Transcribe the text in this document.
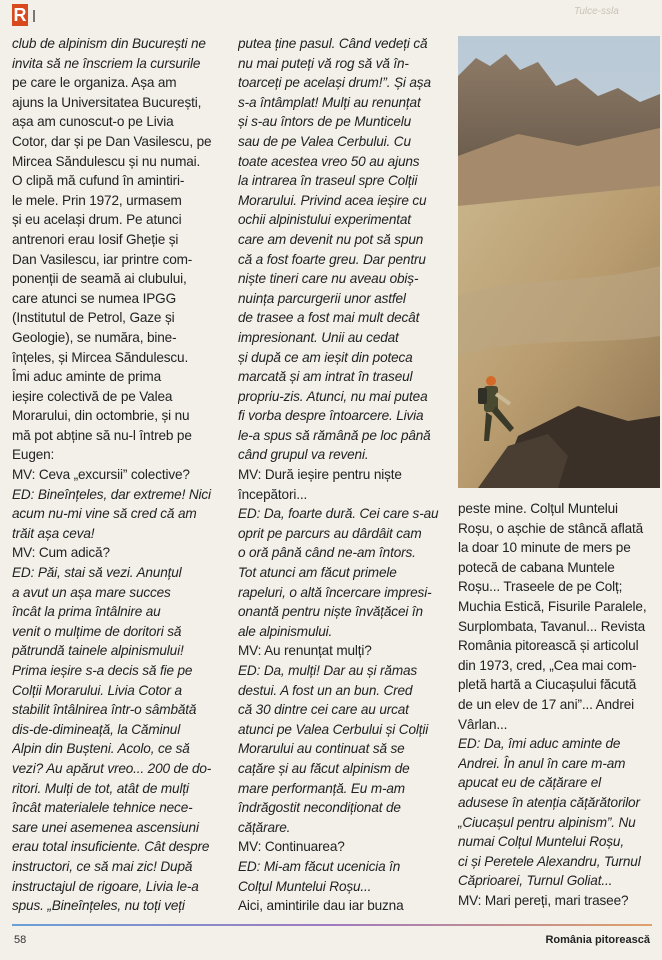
R	Tulce-ssla
club de alpinism din București ne
invita să ne înscriem la cursurile
pe care le organiza. Așa am
ajuns la Universitatea București,
așa am cunoscut-o pe Livia
Cotor, dar și pe Dan Vasilescu, pe
Mircea Săndulescu și nu numai.
O clipă mă cufund în amintiri-
le mele. Prin 1972, urmasem
și eu același drum. Pe atunci
antrenori erau Iosif Gheție și
Dan Vasilescu, iar printre com-
ponenții de seamă ai clubului,
care atunci se numea IPGG
(Institutul de Petrol, Gaze și
Geologie), se număra, bine-
înțeles, și Mircea Săndulescu.
Îmi aduc aminte de prima
ieșire colectivă de pe Valea
Morarului, din octombrie, și nu
mă pot abține să nu-l întreb pe
Eugen:
MV: Ceva „excursii” colective?
ED: Bineînțeles, dar extreme! Nici
acum nu-mi vine să cred că am
trăit așa ceva!
MV: Cum adică?
ED: Păi, stai să vezi. Anunțul
a avut un așa mare succes
încât la prima întâlnire au
venit o mulțime de doritori să
pătrundă tainele alpinismului!
Prima ieșire s-a decis să fie pe
Colții Morarului. Livia Cotor a
stabilit întâlnirea într-o sâmbătă
dis-de-dimineață, la Căminul
Alpin din Bușteni. Acolo, ce să
vezi? Au apărut vreo... 200 de do-
ritori. Mulți de tot, atât de mulți
încât materialele tehnice nece-
sare unei asemenea ascensiuni
erau total insuficiente. Cât despre
instructori, ce să mai zic! După
instructajul de rigoare, Livia le-a
spus. „Bineînțeles, nu toți veți
putea ține pasul. Când vedeți că
nu mai puteți vă rog să vă în-
toarceți pe același drum!”. Și așa
s-a întâmplat! Mulți au renunțat
și s-au întors de pe Munticelu
sau de pe Valea Cerbului. Cu
toate acestea vreo 50 au ajuns
la intrarea în traseul spre Colții
Morarului. Privind acea ieșire cu
ochii alpinistului experimentat
care am devenit nu pot să spun
că a fost foarte greu. Dar pentru
niște tineri care nu aveau obiș-
nuința parcurgerii unor astfel
de trasee a fost mai mult decât
impresionant. Unii au cedat
și după ce am ieșit din poteca
marcată și am intrat în traseul
propriu-zis. Atunci, nu mai putea
fi vorba despre întoarcere. Livia
le-a spus să rămână pe loc până
când grupul va reveni.
MV: Dură ieșire pentru niște
începători...
ED: Da, foarte dură. Cei care s-au
oprit pe parcurs au dârdâit cam
o oră până când ne-am întors.
Tot atunci am făcut primele
rapeluri, o altă încercare impresi-
onantă pentru niște învățăcei în
ale alpinismului.
MV: Au renunțat mulți?
ED: Da, mulți! Dar au și rămas
destui. A fost un an bun. Cred
că 30 dintre cei care au urcat
atunci pe Valea Cerbului și Colții
Morarului au continuat să se
cațăre și au făcut alpinism de
mare performanță. Eu m-am
îndrăgostit necondiționat de
cățărare.
MV: Continuarea?
ED: Mi-am făcut ucenicia în
Colțul Muntelui Roșu...
Aici, amintirile dau iar buzna
peste mine. Colțul Muntelui
Roșu, o așchie de stâncă aflată
la doar 10 minute de mers pe
potecă de cabana Muntele
Roșu... Traseele de pe Colț;
Muchia Estică, Fisurile Paralele,
Surplombata, Tavanul... Revista
România pitorească și articolul
din 1973, cred, „Cea mai com-
pletă hartă a Ciucașului făcută
de un elev de 17 ani”... Andrei
Vârlan...
ED: Da, îmi aduc aminte de
Andrei. În anul în care m-am
apucat eu de cățărare el
adusese în atenția cățărătorilor
„Ciucașul pentru alpinism”. Nu
numai Colțul Muntelui Roșu,
ci și Peretele Alexandru, Turnul
Căprioarei, Turnul Goliat...
MV: Mari pereți, mari trasee?
58	România pitorească
